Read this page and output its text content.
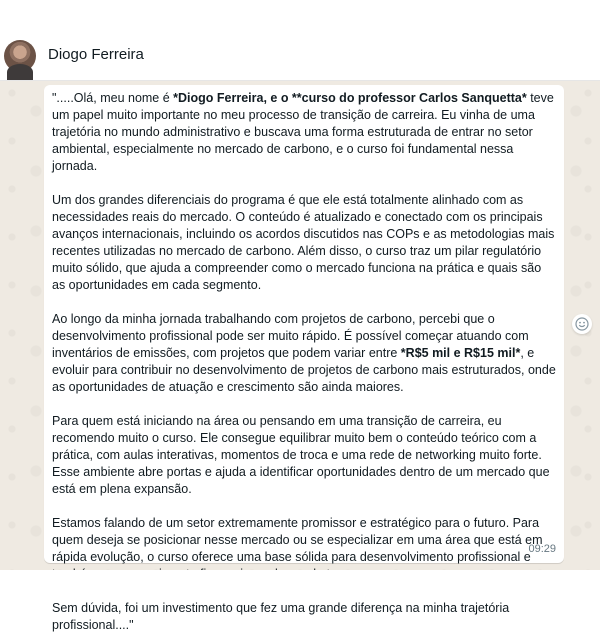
Diogo Ferreira

".....Olá, meu nome é *Diogo Ferreira, e o **curso do professor Carlos Sanquetta* teve um papel muito importante no meu processo de transição de carreira. Eu vinha de uma trajetória no mundo administrativo e buscava uma forma estruturada de entrar no setor ambiental, especialmente no mercado de carbono, e o curso foi fundamental nessa jornada.

Um dos grandes diferenciais do programa é que ele está totalmente alinhado com as necessidades reais do mercado. O conteúdo é atualizado e conectado com os principais avanços internacionais, incluindo os acordos discutidos nas COPs e as metodologias mais recentes utilizadas no mercado de carbono. Além disso, o curso traz um pilar regulatório muito sólido, que ajuda a compreender como o mercado funciona na prática e quais são as oportunidades em cada segmento.

Ao longo da minha jornada trabalhando com projetos de carbono, percebi que o desenvolvimento profissional pode ser muito rápido. É possível começar atuando com inventários de emissões, com projetos que podem variar entre *R$5 mil e R$15 mil*, e evoluir para contribuir no desenvolvimento de projetos de carbono mais estruturados, onde as oportunidades de atuação e crescimento são ainda maiores.

Para quem está iniciando na área ou pensando em uma transição de carreira, eu recomendo muito o curso. Ele consegue equilibrar muito bem o conteúdo teórico com a prática, com aulas interativas, momentos de troca e uma rede de networking muito forte. Esse ambiente abre portas e ajuda a identificar oportunidades dentro de um mercado que está em plena expansão.

Estamos falando de um setor extremamente promissor e estratégico para o futuro. Para quem deseja se posicionar nesse mercado ou se especializar em uma área que está em rápida evolução, o curso oferece uma base sólida para desenvolvimento profissional e

Sem dúvida, foi um investimento que fez uma grande diferença na minha trajetória profissional...."

09:29
